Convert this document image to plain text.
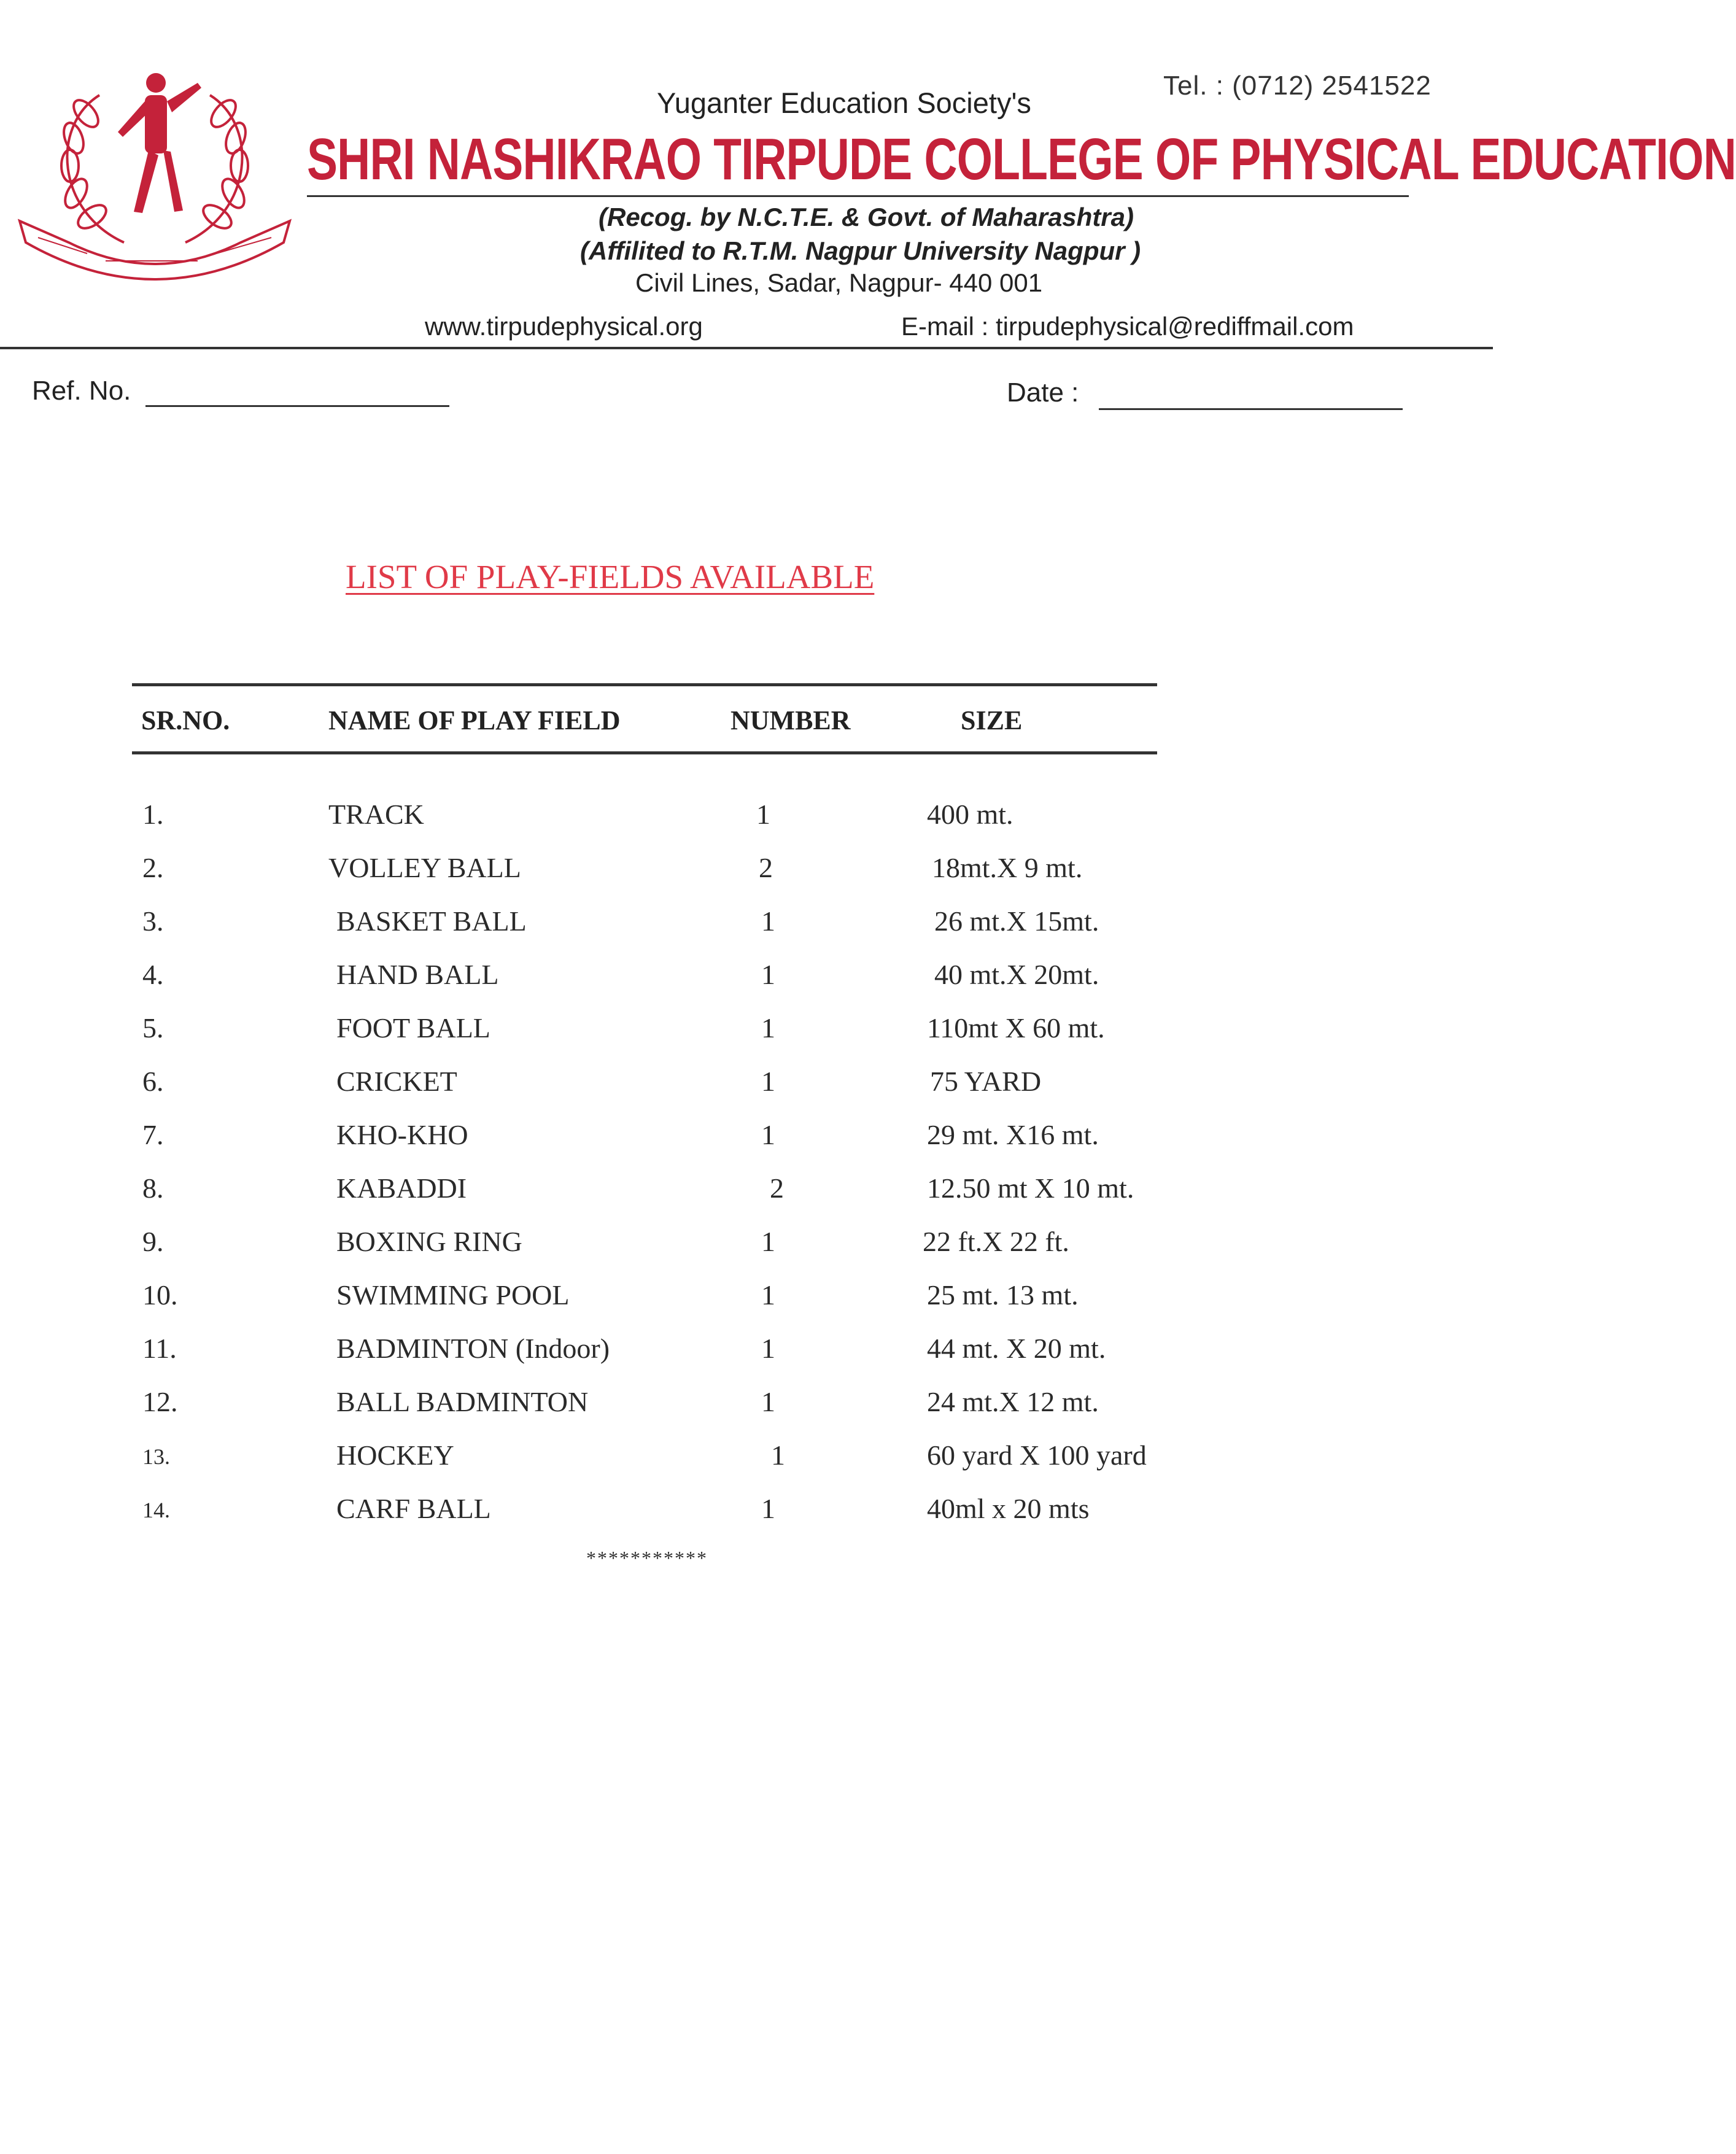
Tel. : (0712) 2541522
Yuganter Education Society's
SHRI NASHIKRAO TIRPUDE COLLEGE OF PHYSICAL EDUCATION
(Recog. by N.C.T.E. & Govt. of Maharashtra)
(Affilited to R.T.M. Nagpur University Nagpur )
Civil Lines, Sadar, Nagpur- 440 001
www.tirpudephysical.org	E-mail : tirpudephysical@rediffmail.com
Ref. No.	Date :
LIST OF PLAY-FIELDS AVAILABLE
SR.NO.	NAME OF PLAY FIELD	NUMBER	SIZE
1.	TRACK	1	400 mt.
2.	VOLLEY BALL	2	18mt.X 9 mt.
3.	BASKET BALL	1	26 mt.X 15mt.
4.	HAND BALL	1	40 mt.X 20mt.
5.	FOOT BALL	1	110mt X 60 mt.
6.	CRICKET	1	75 YARD
7.	KHO-KHO	1	29 mt. X16 mt.
8.	KABADDI	2	12.50 mt X 10 mt.
9.	BOXING RING	1	22 ft.X 22 ft.
10.	SWIMMING POOL	1	25 mt. 13 mt.
11.	BADMINTON (Indoor)	1	44 mt. X 20 mt.
12.	BALL BADMINTON	1	24 mt.X 12 mt.
13.	HOCKEY	1	60 yard X 100 yard
14.	CARF BALL	1	40ml x 20 mts
***********
